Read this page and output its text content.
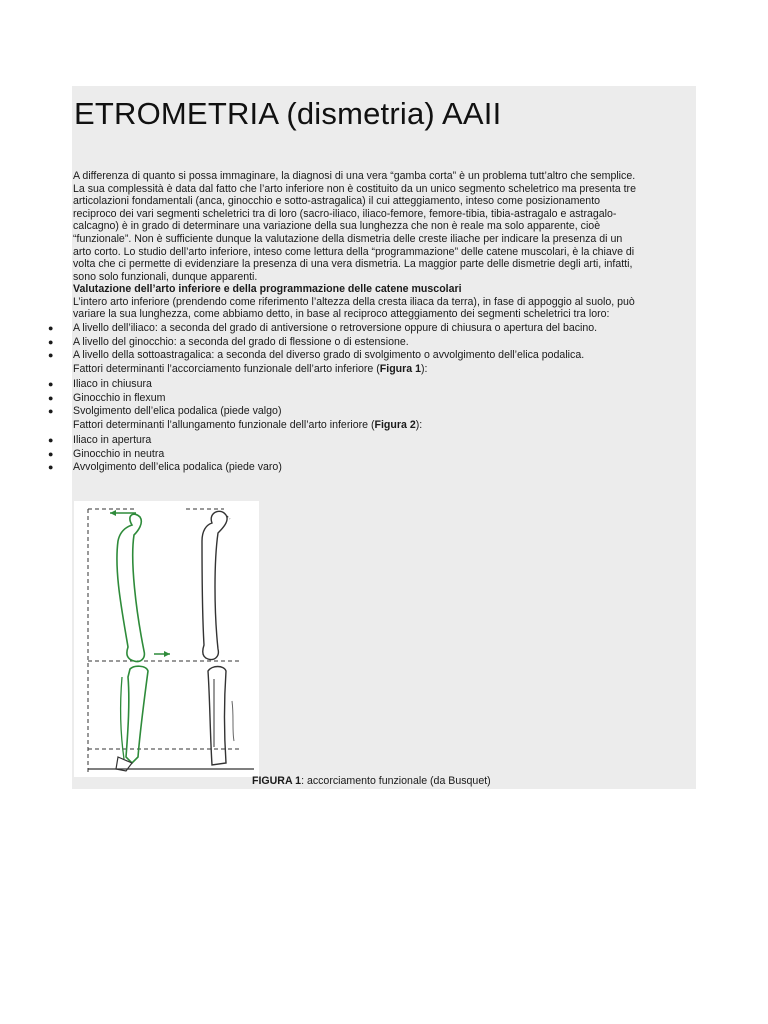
ETROMETRIA (dismetria) AAII

A differenza di quanto si possa immaginare, la diagnosi di una vera “gamba corta” è un problema tutt’altro che semplice.
La sua complessità è data dal fatto che l’arto inferiore non è costituito da un unico segmento scheletrico ma presenta tre
articolazioni fondamentali (anca, ginocchio e sotto-astragalica) il cui atteggiamento, inteso come posizionamento
reciproco dei vari segmenti scheletrici tra di loro (sacro-iliaco, iliaco-femore, femore-tibia, tibia-astragalo e astragalo-
calcagno) è in grado di determinare una variazione della sua lunghezza che non è reale ma solo apparente, cioè
“funzionale”. Non è sufficiente dunque la valutazione della dismetria delle creste iliache per indicare la presenza di un
arto corto. Lo studio dell’arto inferiore, inteso come lettura della “programmazione” delle catene muscolari, è la chiave di
volta che ci permette di evidenziare la presenza di una vera dismetria. La maggior parte delle dismetrie degli arti, infatti,
sono solo funzionali, dunque apparenti.

Valutazione dell’arto inferiore e della programmazione delle catene muscolari
L’intero arto inferiore (prendendo come riferimento l’altezza della cresta iliaca da terra), in fase di appoggio al suolo, può
variare la sua lunghezza, come abbiamo detto, in base al reciproco atteggiamento dei segmenti scheletrici tra loro:
● A livello dell’iliaco: a seconda del grado di antiversione o retroversione oppure di chiusura o apertura del bacino.
● A livello del ginocchio: a seconda del grado di flessione o di estensione.
● A livello della sottoastragalica: a seconda del diverso grado di svolgimento o avvolgimento dell’elica podalica.
Fattori determinanti l’accorciamento funzionale dell’arto inferiore (Figura 1):
● Iliaco in chiusura
● Ginocchio in flexum
● Svolgimento dell’elica podalica (piede valgo)
Fattori determinanti l’allungamento funzionale dell’arto inferiore (Figura 2):
● Iliaco in apertura
● Ginocchio in neutra
● Avvolgimento dell’elica podalica (piede varo)
FIGURA 1: accorciamento funzionale (da Busquet)
